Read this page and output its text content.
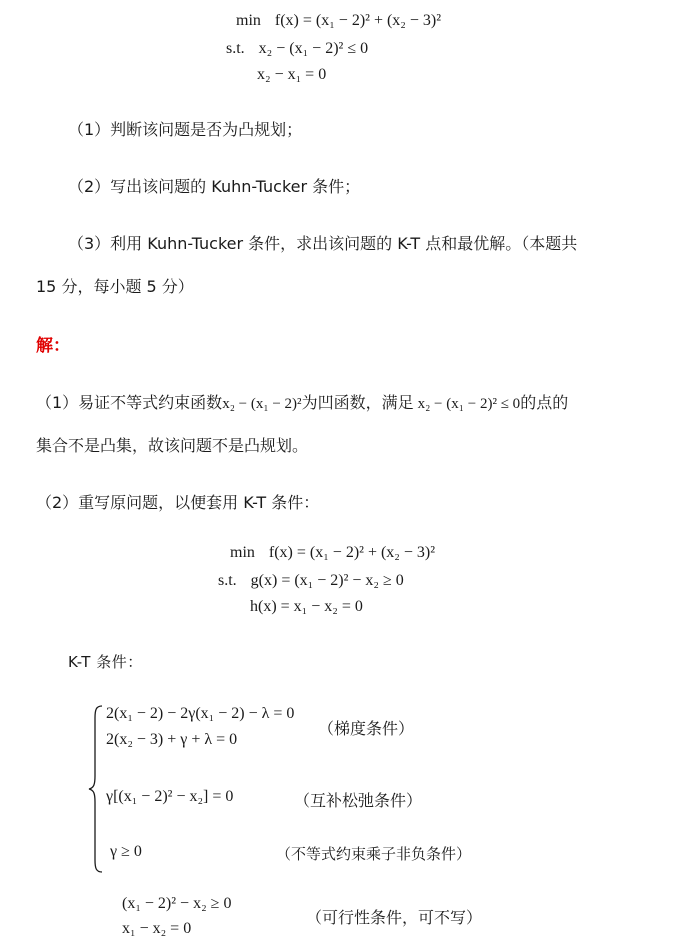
min f(x) = (x₁ − 2)² + (x₂ − 3)²
s.t. x₂ − (x₁ − 2)² ≤ 0
x₂ − x₁ = 0
（1）判断该问题是否为凸规划；
（2）写出该问题的 Kuhn-Tucker 条件；
（3）利用 Kuhn-Tucker 条件，求出该问题的 K-T 点和最优解。（本题共
15 分，每小题 5 分）
解：
（1）易证不等式约束函数x₂ − (x₁ − 2)²为凹函数，满足 x₂ − (x₁ − 2)² ≤ 0的点的
集合不是凸集，故该问题不是凸规划。
（2）重写原问题，以便套用 K-T 条件：
min f(x) = (x₁ − 2)² + (x₂ − 3)²
s.t. g(x) = (x₁ − 2)² − x₂ ≥ 0
h(x) = x₁ − x₂ = 0
K-T 条件：
2(x₁ − 2) − 2γ(x₁ − 2) − λ = 0
2(x₂ − 3) + γ + λ = 0
（梯度条件）
γ[(x₁ − 2)² − x₂] = 0	（互补松弛条件）
γ ≥ 0	（不等式约束乘子非负条件）
(x₁ − 2)² − x₂ ≥ 0
x₁ − x₂ = 0
（可行性条件，可不写）
